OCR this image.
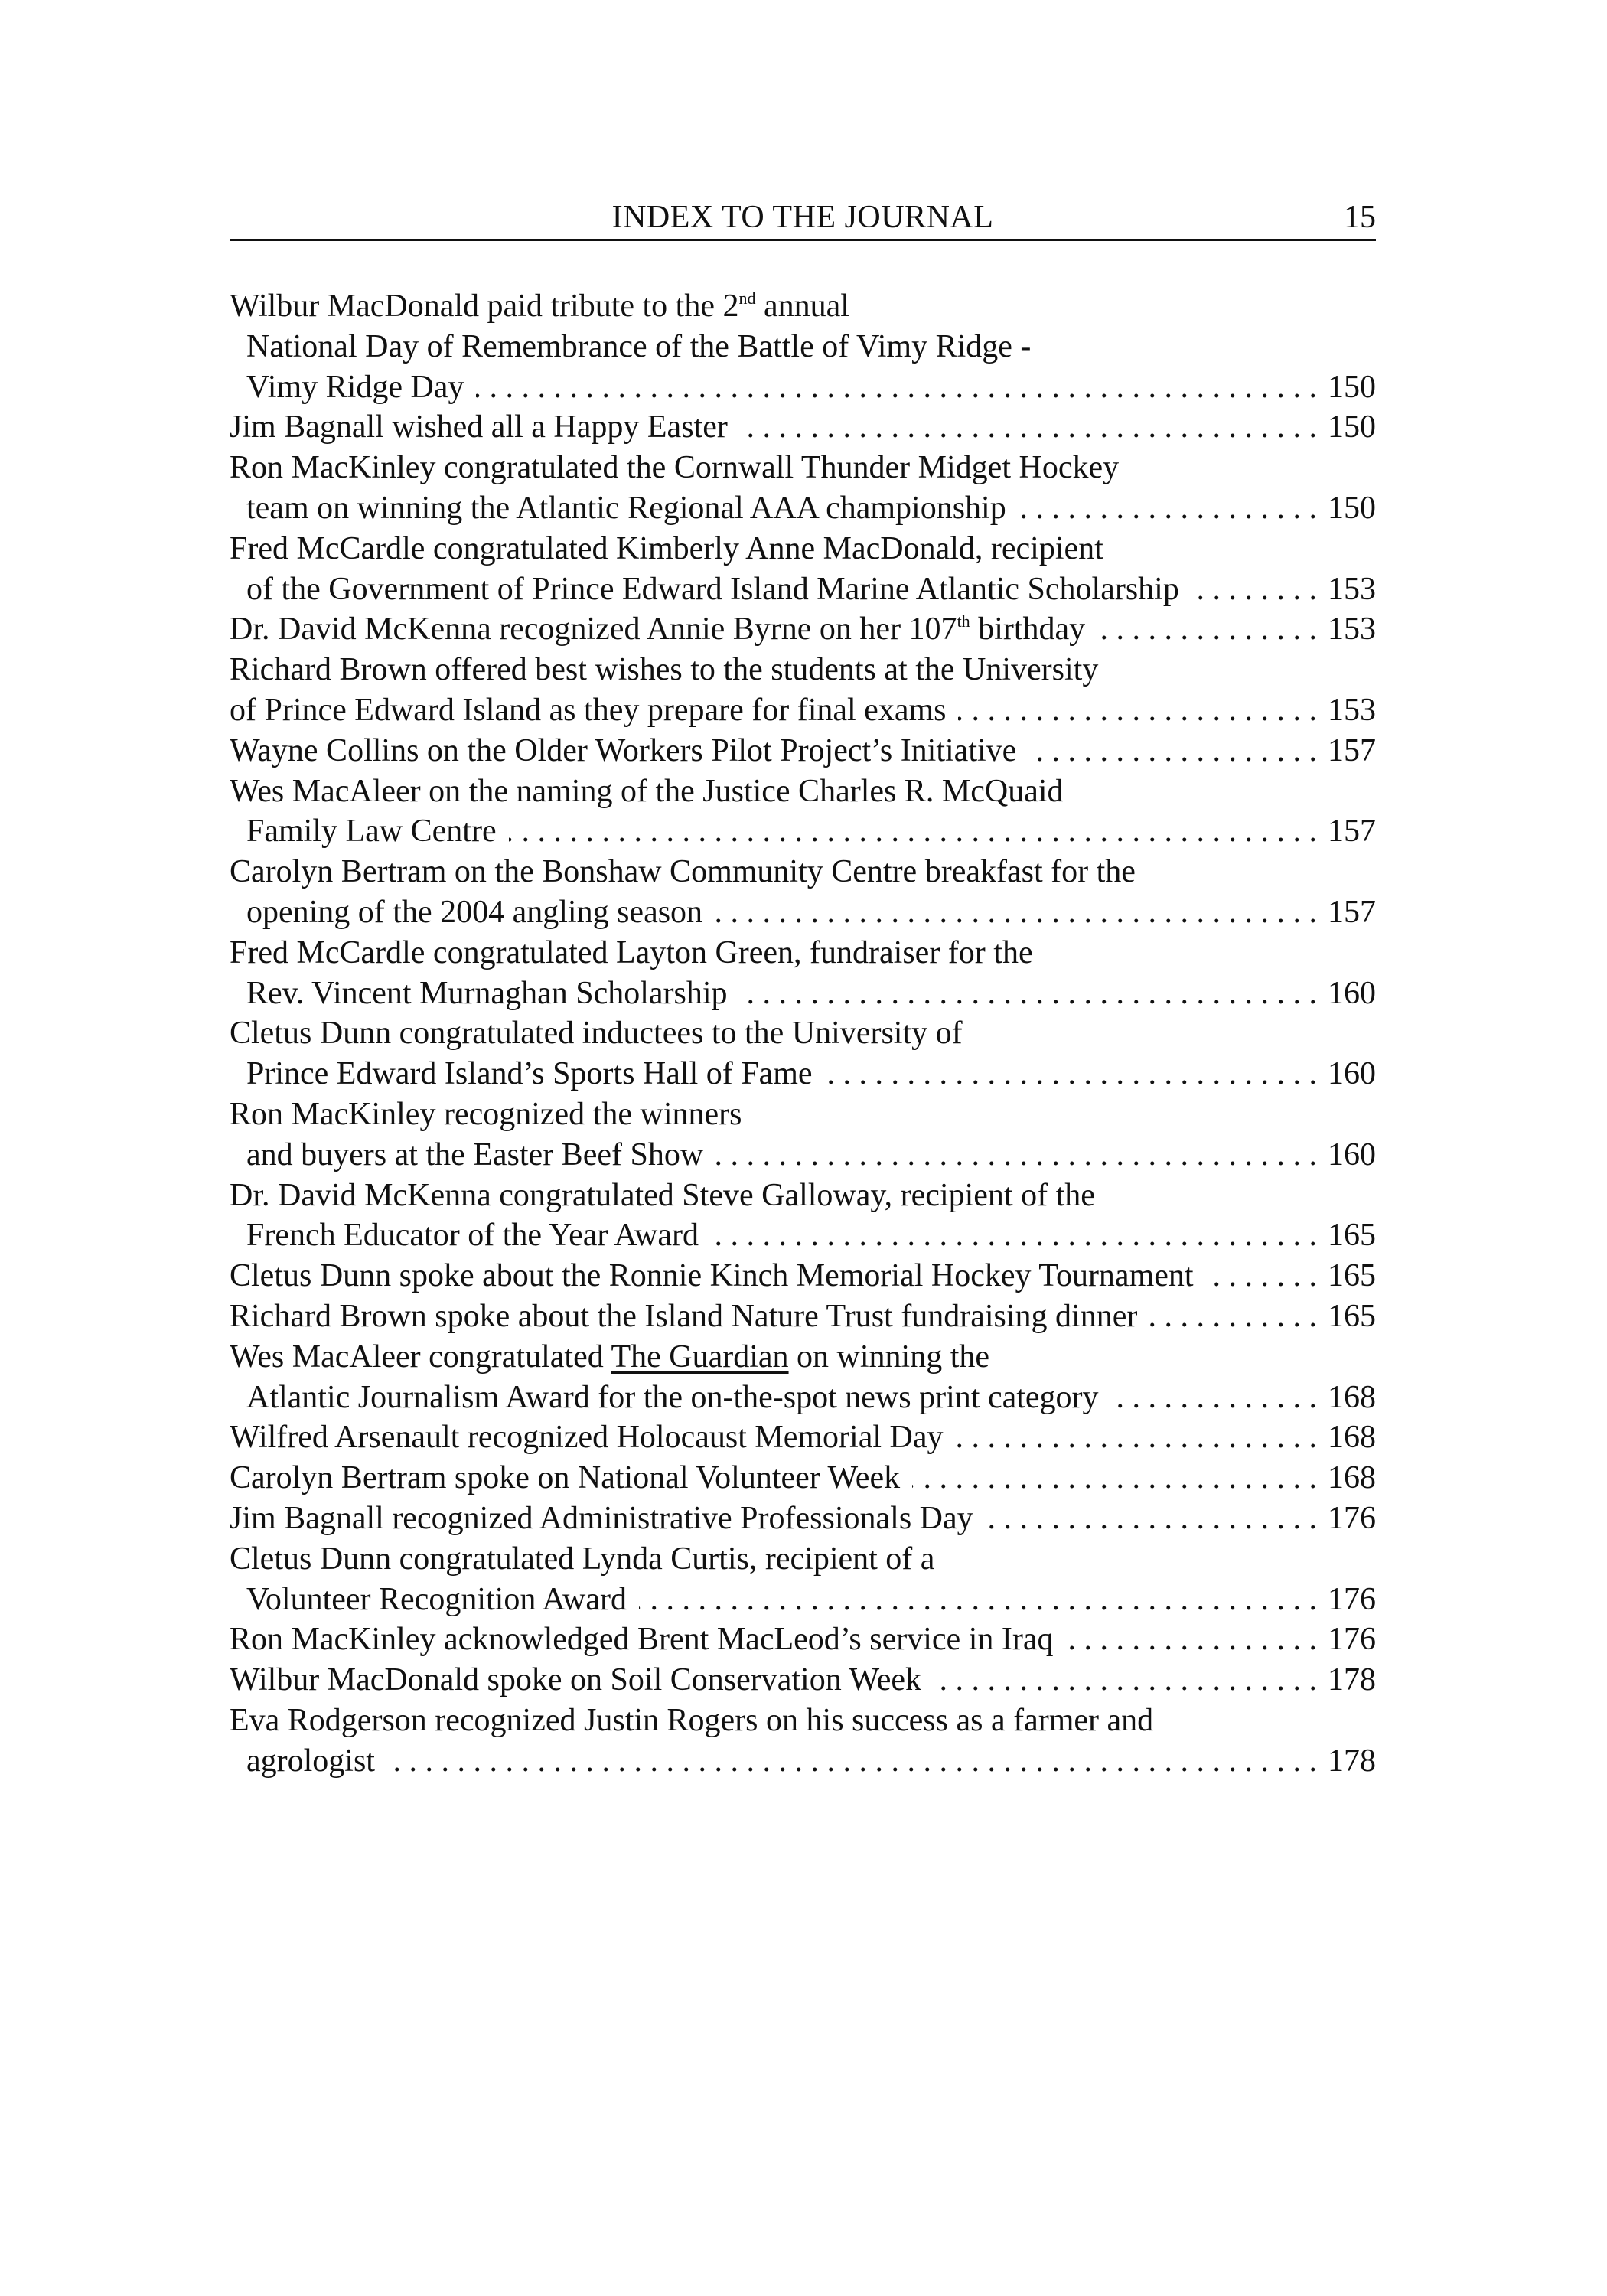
INDEX TO THE JOURNAL	15
Wilbur MacDonald paid tribute to the 2nd annual
National Day of Remembrance of the Battle of Vimy Ridge -
Vimy Ridge Day . . .	150
Jim Bagnall wished all a Happy Easter . . .	150
Ron MacKinley congratulated the Cornwall Thunder Midget Hockey
team on winning the Atlantic Regional AAA championship . . .	150
Fred McCardle congratulated Kimberly Anne MacDonald, recipient
of the Government of Prince Edward Island Marine Atlantic Scholarship . . .	153
Dr. David McKenna recognized Annie Byrne on her 107th birthday . . .	153
Richard Brown offered best wishes to the students at the University
of Prince Edward Island as they prepare for final exams . . .	153
Wayne Collins on the Older Workers Pilot Project’s Initiative . . .	157
Wes MacAleer on the naming of the Justice Charles R. McQuaid
Family Law Centre . . .	157
Carolyn Bertram on the Bonshaw Community Centre breakfast for the
opening of the 2004 angling season . . .	157
Fred McCardle congratulated Layton Green, fundraiser for the
Rev. Vincent Murnaghan Scholarship . . .	160
Cletus Dunn congratulated inductees to the University of
Prince Edward Island’s Sports Hall of Fame . . .	160
Ron MacKinley recognized the winners
and buyers at the Easter Beef Show . . .	160
Dr. David McKenna congratulated Steve Galloway, recipient of the
French Educator of the Year Award . . .	165
Cletus Dunn spoke about the Ronnie Kinch Memorial Hockey Tournament . . .	165
Richard Brown spoke about the Island Nature Trust fundraising dinner . . .	165
Wes MacAleer congratulated The Guardian on winning the
Atlantic Journalism Award for the on-the-spot news print category . . .	168
Wilfred Arsenault recognized Holocaust Memorial Day . . .	168
Carolyn Bertram spoke on National Volunteer Week . . .	168
Jim Bagnall recognized Administrative Professionals Day . . .	176
Cletus Dunn congratulated Lynda Curtis, recipient of a
Volunteer Recognition Award . . .	176
Ron MacKinley acknowledged Brent MacLeod’s service in Iraq . . .	176
Wilbur MacDonald spoke on Soil Conservation Week . . .	178
Eva Rodgerson recognized Justin Rogers on his success as a farmer and
agrologist . . .	178
